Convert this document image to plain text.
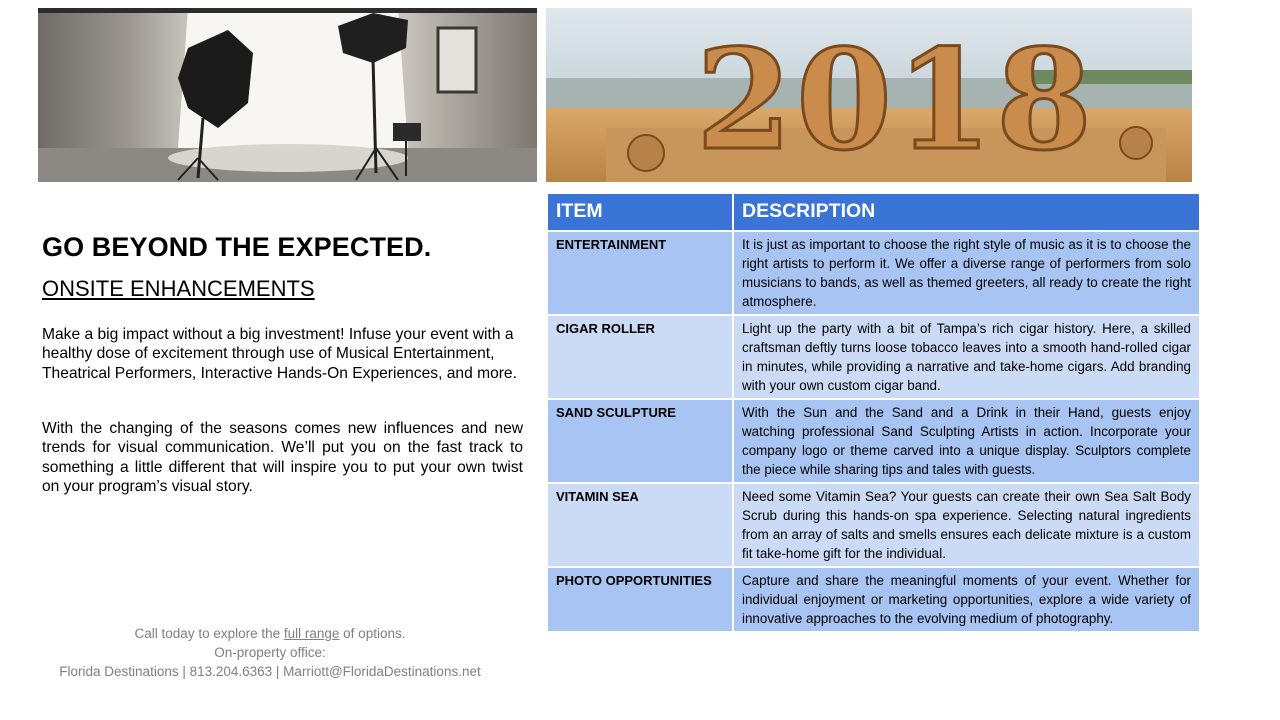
2018
GO BEYOND THE EXPECTED.
ONSITE ENHANCEMENTS

Make a big impact without a big investment! Infuse your event with a healthy dose of excitement through use of Musical Entertainment, Theatrical Performers, Interactive Hands-On Experiences, and more.

With the changing of the seasons comes new influences and new trends for visual communication. We’ll put you on the fast track to something a little different that will inspire you to put your own twist on your program’s visual story.

Call today to explore the full range of options.
On-property office:
Florida Destinations | 813.204.6363 | Marriott@FloridaDestinations.net
ITEM	DESCRIPTION
ENTERTAINMENT	It is just as important to choose the right style of music as it is to choose the right artists to perform it. We offer a diverse range of performers from solo musicians to bands, as well as themed greeters, all ready to create the right atmosphere.
CIGAR ROLLER	Light up the party with a bit of Tampa’s rich cigar history. Here, a skilled craftsman deftly turns loose tobacco leaves into a smooth hand-rolled cigar in minutes, while providing a narrative and take-home cigars. Add branding with your own custom cigar band.
SAND SCULPTURE	With the Sun and the Sand and a Drink in their Hand, guests enjoy watching professional Sand Sculpting Artists in action. Incorporate your company logo or theme carved into a unique display. Sculptors complete the piece while sharing tips and tales with guests.
VITAMIN SEA	Need some Vitamin Sea? Your guests can create their own Sea Salt Body Scrub during this hands-on spa experience. Selecting natural ingredients from an array of salts and smells ensures each delicate mixture is a custom fit take-home gift for the individual.
PHOTO OPPORTUNITIES	Capture and share the meaningful moments of your event. Whether for individual enjoyment or marketing opportunities, explore a wide variety of innovative approaches to the evolving medium of photography.
